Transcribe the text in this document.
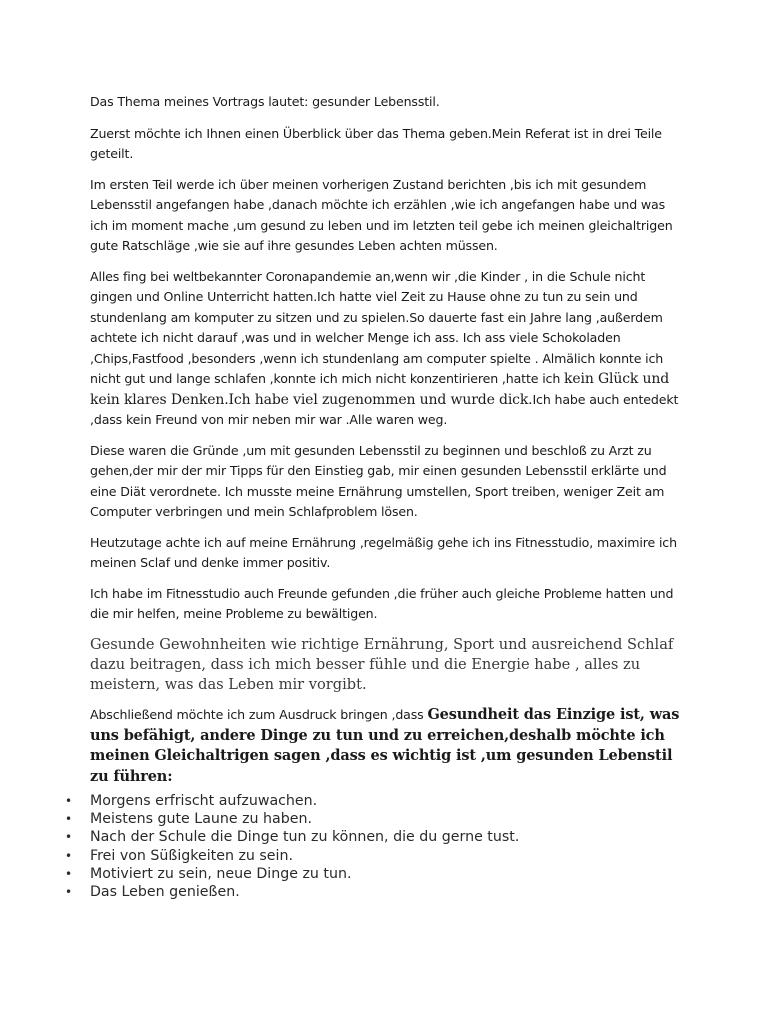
Das Thema meines Vortrags lautet: gesunder Lebensstil.

Zuerst möchte ich Ihnen einen Überblick über das Thema geben.Mein Referat ist in drei Teile geteilt.

Im ersten Teil werde ich über meinen vorherigen Zustand berichten ,bis ich mit gesundem Lebensstil angefangen habe ,danach möchte ich erzählen ,wie ich angefangen habe und was ich im moment mache ,um gesund zu leben und im letzten teil gebe ich meinen gleichaltrigen gute Ratschläge ,wie sie auf ihre gesundes Leben achten müssen.

Alles fing bei weltbekannter Coronapandemie an,wenn wir ,die Kinder , in die Schule nicht gingen und Online Unterricht hatten.Ich hatte viel Zeit zu Hause ohne zu tun zu sein und stundenlang am komputer zu sitzen und zu spielen.So dauerte fast ein Jahre lang ,außerdem achtete ich nicht darauf ,was und in welcher Menge ich ass. Ich ass viele Schokoladen ,Chips,Fastfood ,besonders ,wenn ich stundenlang am computer spielte . Almälich konnte ich nicht gut und lange schlafen ,konnte ich mich nicht konzentirieren ,hatte ich kein Glück und kein klares Denken.Ich habe viel zugenommen und wurde dick.Ich habe auch entedekt ,dass kein Freund von mir neben mir war .Alle waren weg.

Diese waren die Gründe ,um mit gesunden Lebensstil zu beginnen und beschloß zu Arzt zu gehen,der mir der mir Tipps für den Einstieg gab, mir einen gesunden Lebensstil erklärte und eine Diät verordnete. Ich musste meine Ernährung umstellen, Sport treiben, weniger Zeit am Computer verbringen und mein Schlafproblem lösen.

Heutzutage achte ich auf meine Ernährung ,regelmäßig gehe ich ins Fitnesstudio, maximire ich meinen Sclaf und denke immer positiv.

Ich habe im Fitnesstudio auch Freunde gefunden ,die früher auch gleiche Probleme hatten und die mir helfen, meine Probleme zu bewältigen.

Gesunde Gewohnheiten wie richtige Ernährung, Sport und ausreichend Schlaf dazu beitragen, dass ich mich besser fühle und die Energie habe , alles zu meistern, was das Leben mir vorgibt.

Abschließend möchte ich zum Ausdruck bringen ,dass Gesundheit das Einzige ist, was uns befähigt, andere Dinge zu tun und zu erreichen,deshalb möchte ich meinen Gleichaltrigen sagen ,dass es wichtig ist ,um gesunden Lebenstil zu führen:

• Morgens erfrischt aufzuwachen.
• Meistens gute Laune zu haben.
• Nach der Schule die Dinge tun zu können, die du gerne tust.
• Frei von Süßigkeiten zu sein.
• Motiviert zu sein, neue Dinge zu tun.
• Das Leben genießen.
